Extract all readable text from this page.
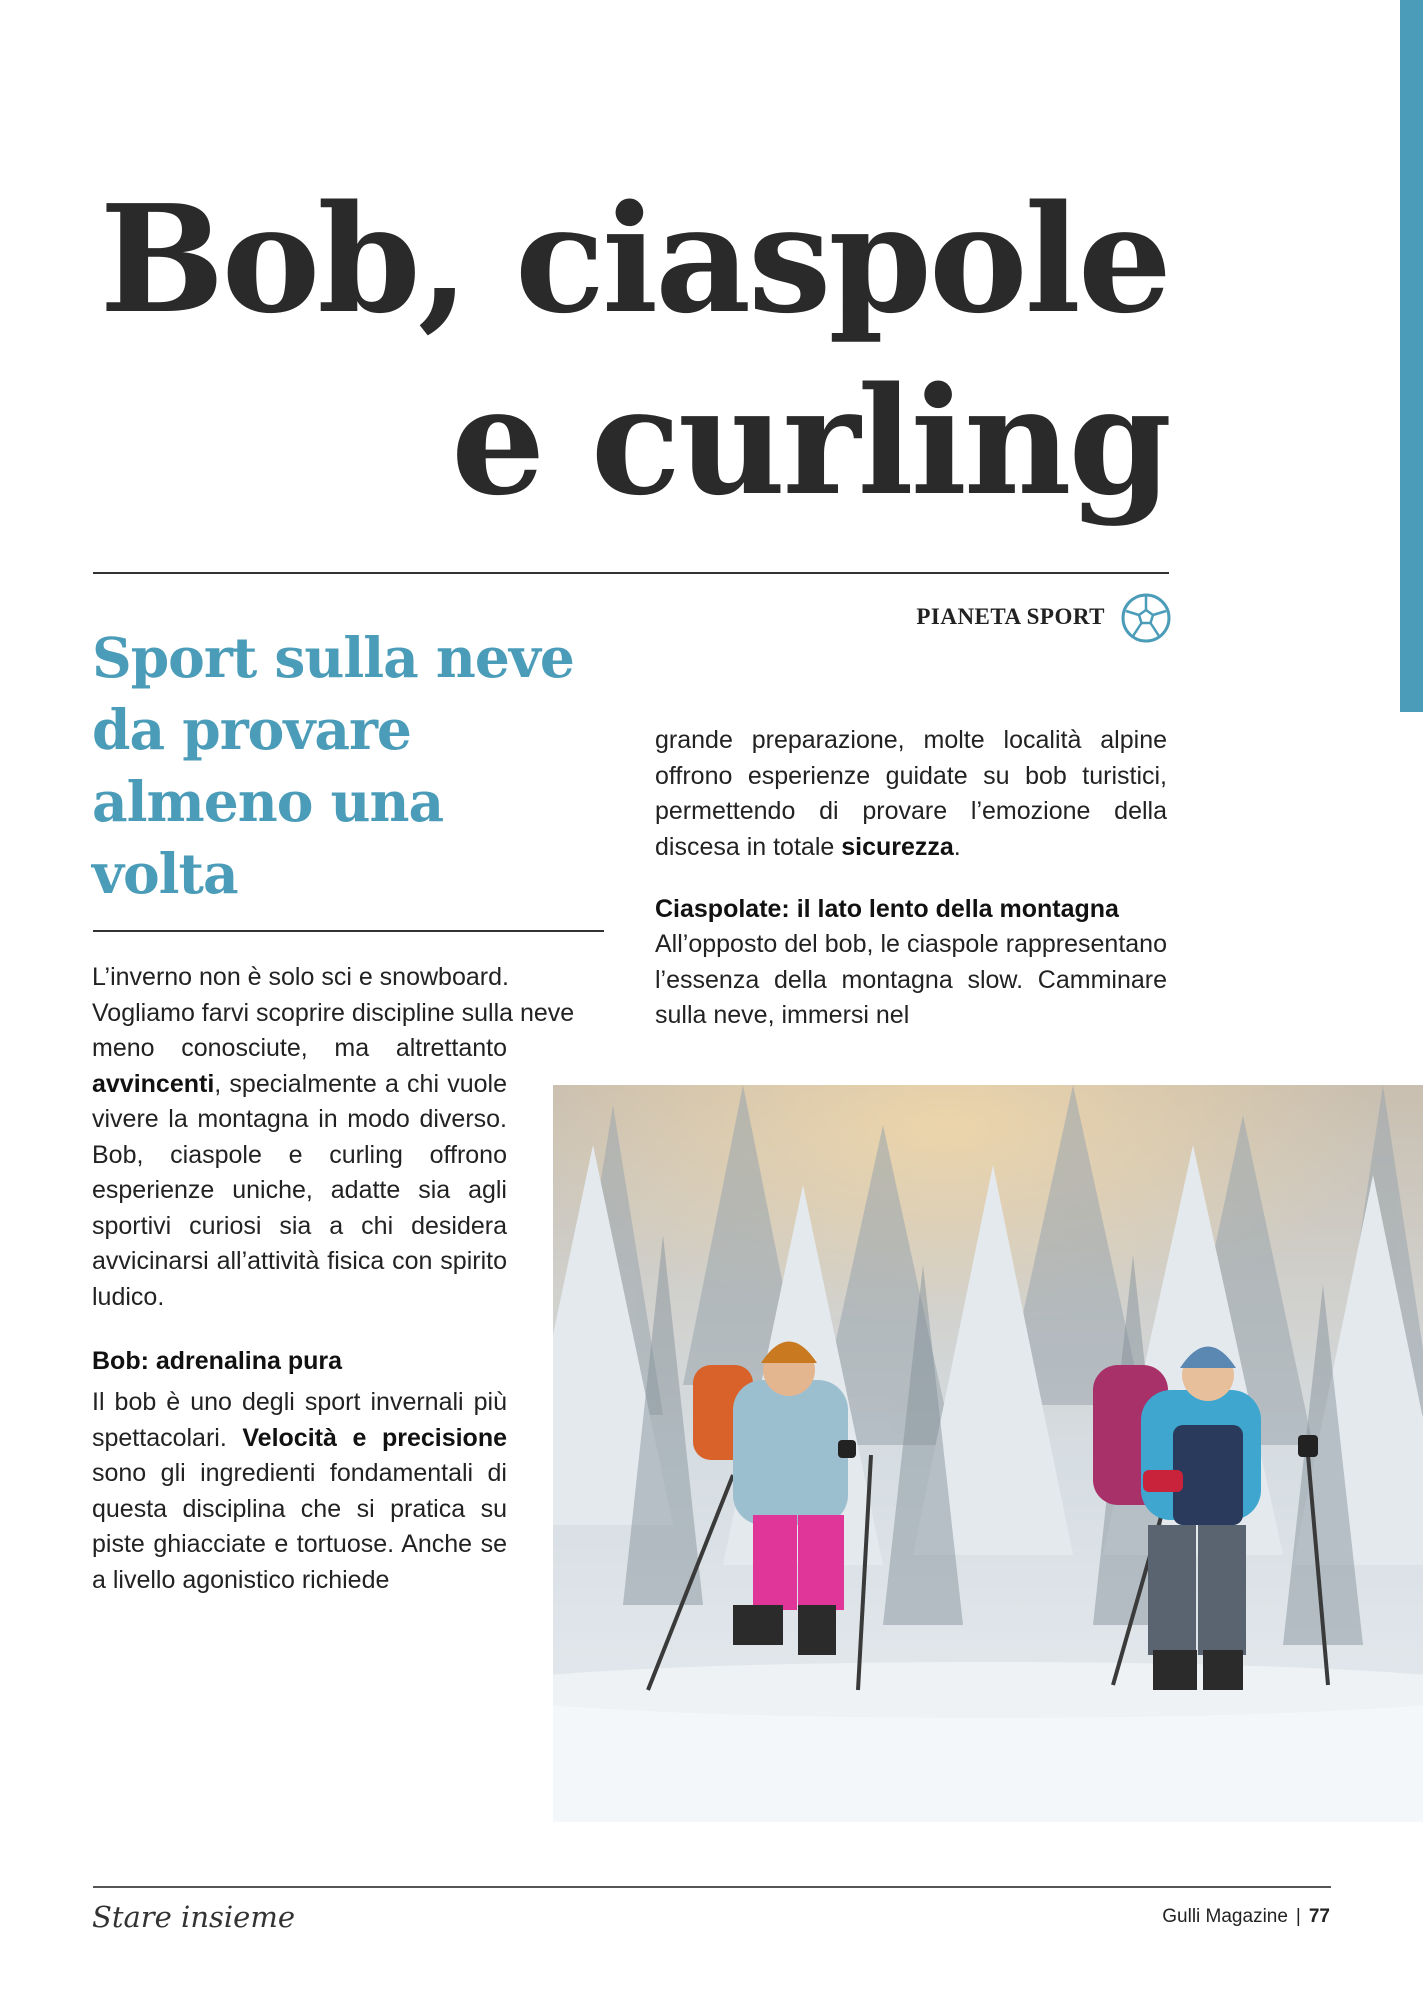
Bob, ciaspole
e curling
PIANETA SPORT
Sport sulla neve
da provare
almeno una
volta

L’inverno non è solo sci e snowboard.

Vogliamo farvi scoprire discipline sulla neve

meno conosciute, ma altrettanto avvincenti, specialmente a chi vuole vivere la montagna in modo diverso. Bob, ciaspole e curling offrono esperienze uniche, adatte sia agli sportivi curiosi sia a chi desidera avvicinarsi all’attività fisica con spirito ludico.

Bob: adrenalina pura

Il bob è uno degli sport invernali più spettacolari. Velocità e precisione sono gli ingredienti fondamentali di questa disciplina che si pratica su piste ghiacciate e tortuose. Anche se a livello agonistico richiede

grande preparazione, molte località alpine offrono esperienze guidate su bob turistici, permettendo di provare l’emozione della discesa in totale sicurezza.

Ciaspolate: il lato lento della montagna

All’opposto del bob, le ciaspole rappresentano l’essenza della montagna slow. Camminare sulla neve, immersi nel

Stare insieme	Gulli Magazine | 77
